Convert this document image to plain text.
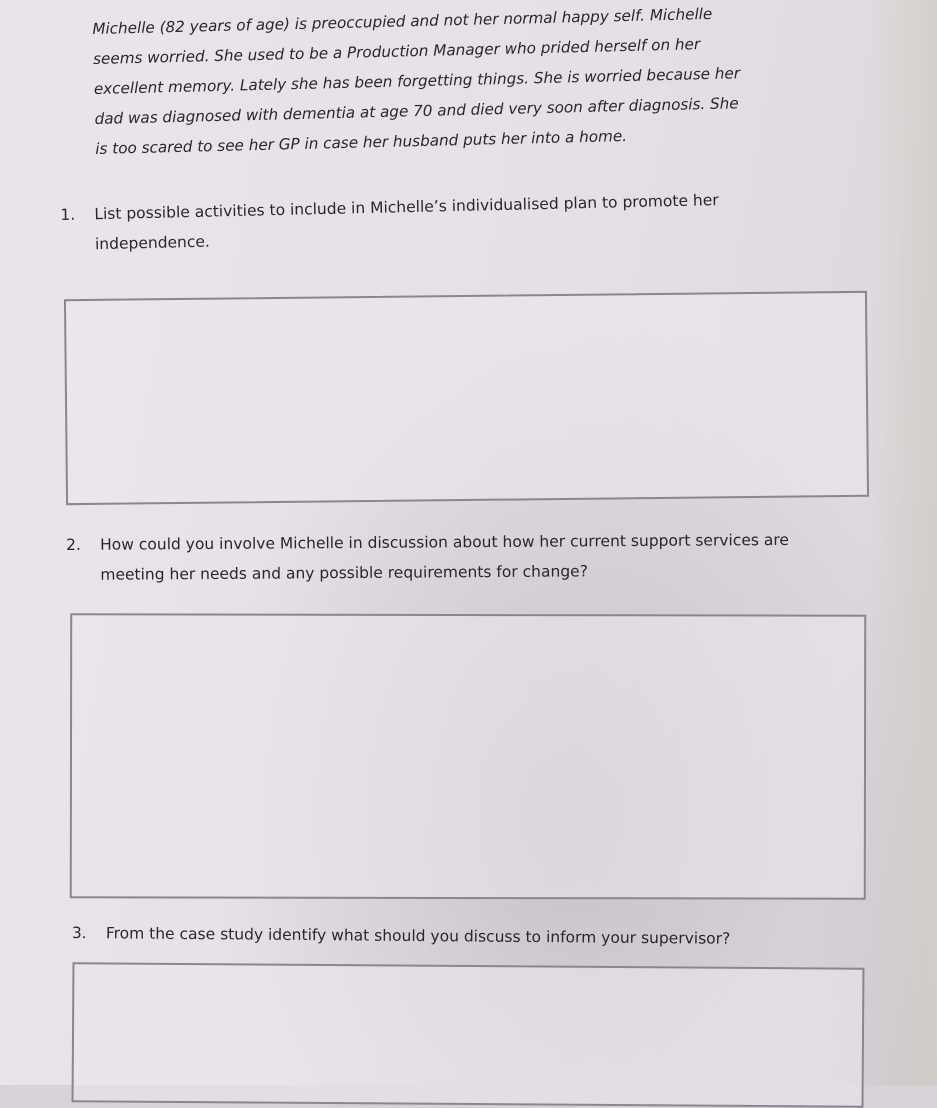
Michelle (82 years of age) is preoccupied and not her normal happy self. Michelle
seems worried. She used to be a Production Manager who prided herself on her
excellent memory. Lately she has been forgetting things. She is worried because her
dad was diagnosed with dementia at age 70 and died very soon after diagnosis. She
is too scared to see her GP in case her husband puts her into a home.
1.	List possible activities to include in Michelle’s individualised plan to promote her
independence.
2.	How could you involve Michelle in discussion about how her current support services are
meeting her needs and any possible requirements for change?
3.	From the case study identify what should you discuss to inform your supervisor?
